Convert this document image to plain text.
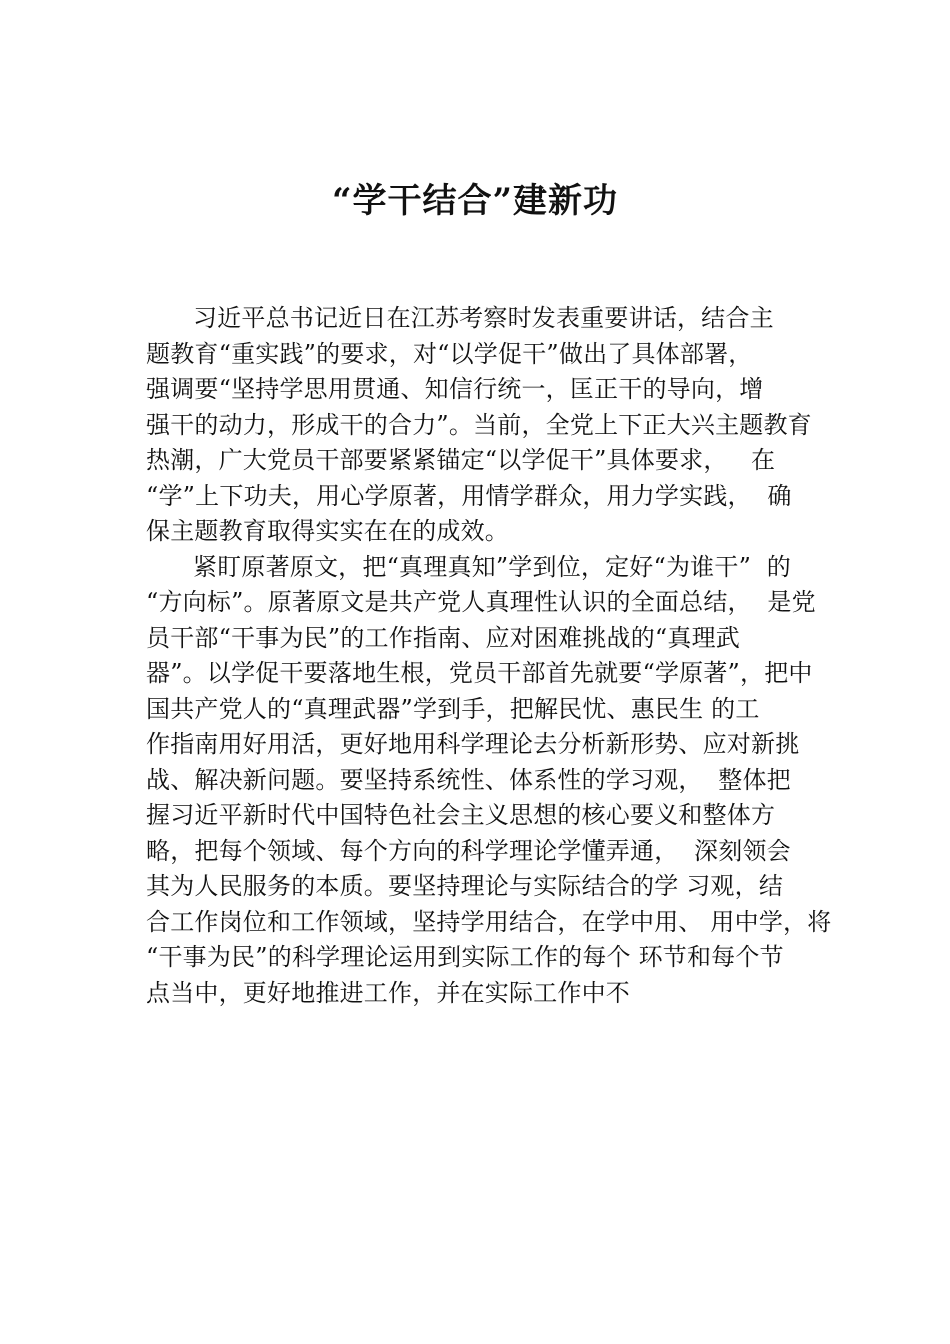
“学干结合”建新功
习近平总书记近日在江苏考察时发表重要讲话，结合主
题教育“重实践”的要求，对“以学促干”做出了具体部署，
强调要“坚持学思用贯通、知信行统一，匡正干的导向，增
强干的动力，形成干的合力”。当前，全党上下正大兴主题教育
热潮，广大党员干部要紧紧锚定“以学促干”具体要求，   在
“学”上下功夫，用心学原著，用情学群众，用力学实践，  确
保主题教育取得实实在在的成效。
紧盯原著原文，把“真理真知”学到位，定好“为谁干”  的
“方向标”。原著原文是共产党人真理性认识的全面总结，  是党
员干部“干事为民”的工作指南、应对困难挑战的“真理武
器”。以学促干要落地生根，党员干部首先就要“学原著”，把中
国共产党人的“真理武器”学到手，把解民忧、惠民生 的工
作指南用好用活，更好地用科学理论去分析新形势、应对新挑
战、解决新问题。要坚持系统性、体系性的学习观，  整体把
握习近平新时代中国特色社会主义思想的核心要义和整体方
略，把每个领域、每个方向的科学理论学懂弄通，  深刻领会
其为人民服务的本质。要坚持理论与实际结合的学 习观，结
合工作岗位和工作领域，坚持学用结合，在学中用、 用中学，将
“干事为民”的科学理论运用到实际工作的每个 环节和每个节
点当中，更好地推进工作，并在实际工作中不
